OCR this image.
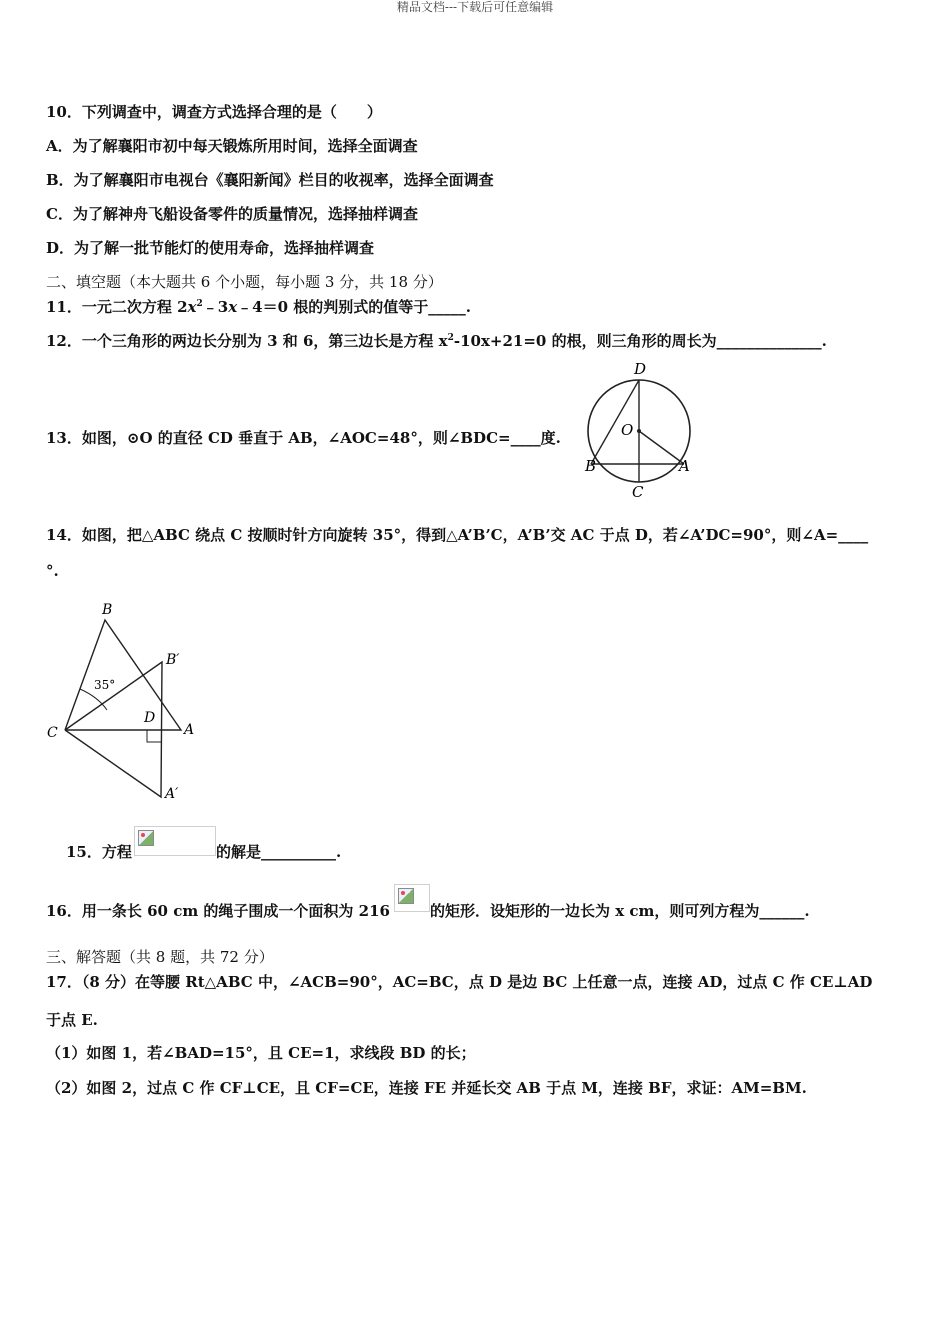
精品文档---下载后可任意编辑
10．下列调查中，调查方式选择合理的是（　　）
A．为了解襄阳市初中每天锻炼所用时间，选择全面调查
B．为了解襄阳市电视台《襄阳新闻》栏目的收视率，选择全面调查
C．为了解神舟飞船设备零件的质量情况，选择抽样调查
D．为了解一批节能灯的使用寿命，选择抽样调查
二、填空题（本大题共 6 个小题，每小题 3 分，共 18 分）
11．一元二次方程 $2x^2﹣3x﹣4=0$ 根的判别式的值等于_____.
12．一个三角形的两边长分别为 3 和 6，第三边长是方程 $x^2-10x+21=0$ 的根，则三角形的周长为______________.
13．如图，⊙O 的直径 CD 垂直于 AB，∠AOC=48°，则∠BDC=____度.
D
O
B	A
C
14．如图，把△ABC 绕点 C 按顺时针方向旋转 35°，得到△A’B’C，A’B’交 AC 于点 D，若∠A’DC=90°，则∠A=____
°.
B
B′
35°
D
C	A
A′
15．方程	的解是__________.
16．用一条长 60 cm 的绳子围成一个面积为 216	的矩形．设矩形的一边长为 x cm，则可列方程为______.
三、解答题（共 8 题，共 72 分）
17．（8 分）在等腰 Rt△ABC 中，∠ACB=90°，AC=BC，点 D 是边 BC 上任意一点，连接 AD，过点 C 作 CE⊥AD
于点 E.
（1）如图 1，若∠BAD=15°，且 CE=1，求线段 BD 的长；
（2）如图 2，过点 C 作 CF⊥CE，且 CF=CE，连接 FE 并延长交 AB 于点 M，连接 BF，求证：AM=BM.
